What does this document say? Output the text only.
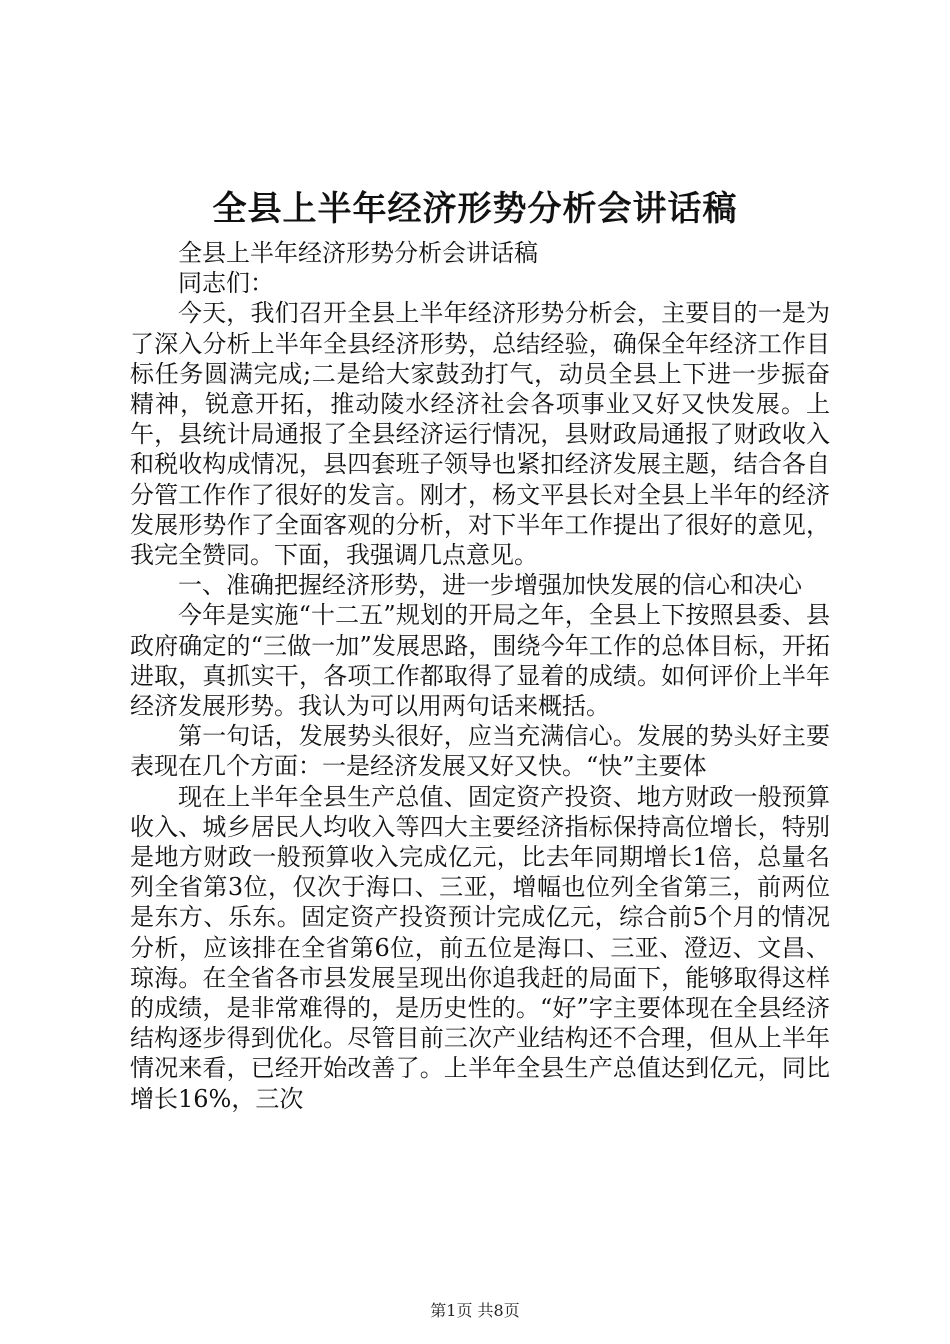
全县上半年经济形势分析会讲话稿

全县上半年经济形势分析会讲话稿

同志们：

今天，我们召开全县上半年经济形势分析会，主要目的一是为了深入分析上半年全县经济形势，总结经验，确保全年经济工作目标任务圆满完成;二是给大家鼓劲打气，动员全县上下进一步振奋精神，锐意开拓，推动陵水经济社会各项事业又好又快发展。上午，县统计局通报了全县经济运行情况，县财政局通报了财政收入和税收构成情况，县四套班子领导也紧扣经济发展主题，结合各自分管工作作了很好的发言。刚才，杨文平县长对全县上半年的经济发展形势作了全面客观的分析，对下半年工作提出了很好的意见，我完全赞同。下面，我强调几点意见。

一、准确把握经济形势，进一步增强加快发展的信心和决心

今年是实施“十二五”规划的开局之年，全县上下按照县委、县政府确定的“三做一加”发展思路，围绕今年工作的总体目标，开拓进取，真抓实干，各项工作都取得了显着的成绩。如何评价上半年经济发展形势。我认为可以用两句话来概括。

第一句话，发展势头很好，应当充满信心。发展的势头好主要表现在几个方面：一是经济发展又好又快。“快”主要体

现在上半年全县生产总值、固定资产投资、地方财政一般预算收入、城乡居民人均收入等四大主要经济指标保持高位增长，特别是地方财政一般预算收入完成亿元，比去年同期增长1倍，总量名列全省第3位，仅次于海口、三亚，增幅也位列全省第三，前两位是东方、乐东。固定资产投资预计完成亿元，综合前5个月的情况分析，应该排在全省第6位，前五位是海口、三亚、澄迈、文昌、琼海。在全省各市县发展呈现出你追我赶的局面下，能够取得这样的成绩，是非常难得的，是历史性的。“好”字主要体现在全县经济结构逐步得到优化。尽管目前三次产业结构还不合理，但从上半年情况来看，已经开始改善了。上半年全县生产总值达到亿元，同比增长16%，三次

第1页 共8页
